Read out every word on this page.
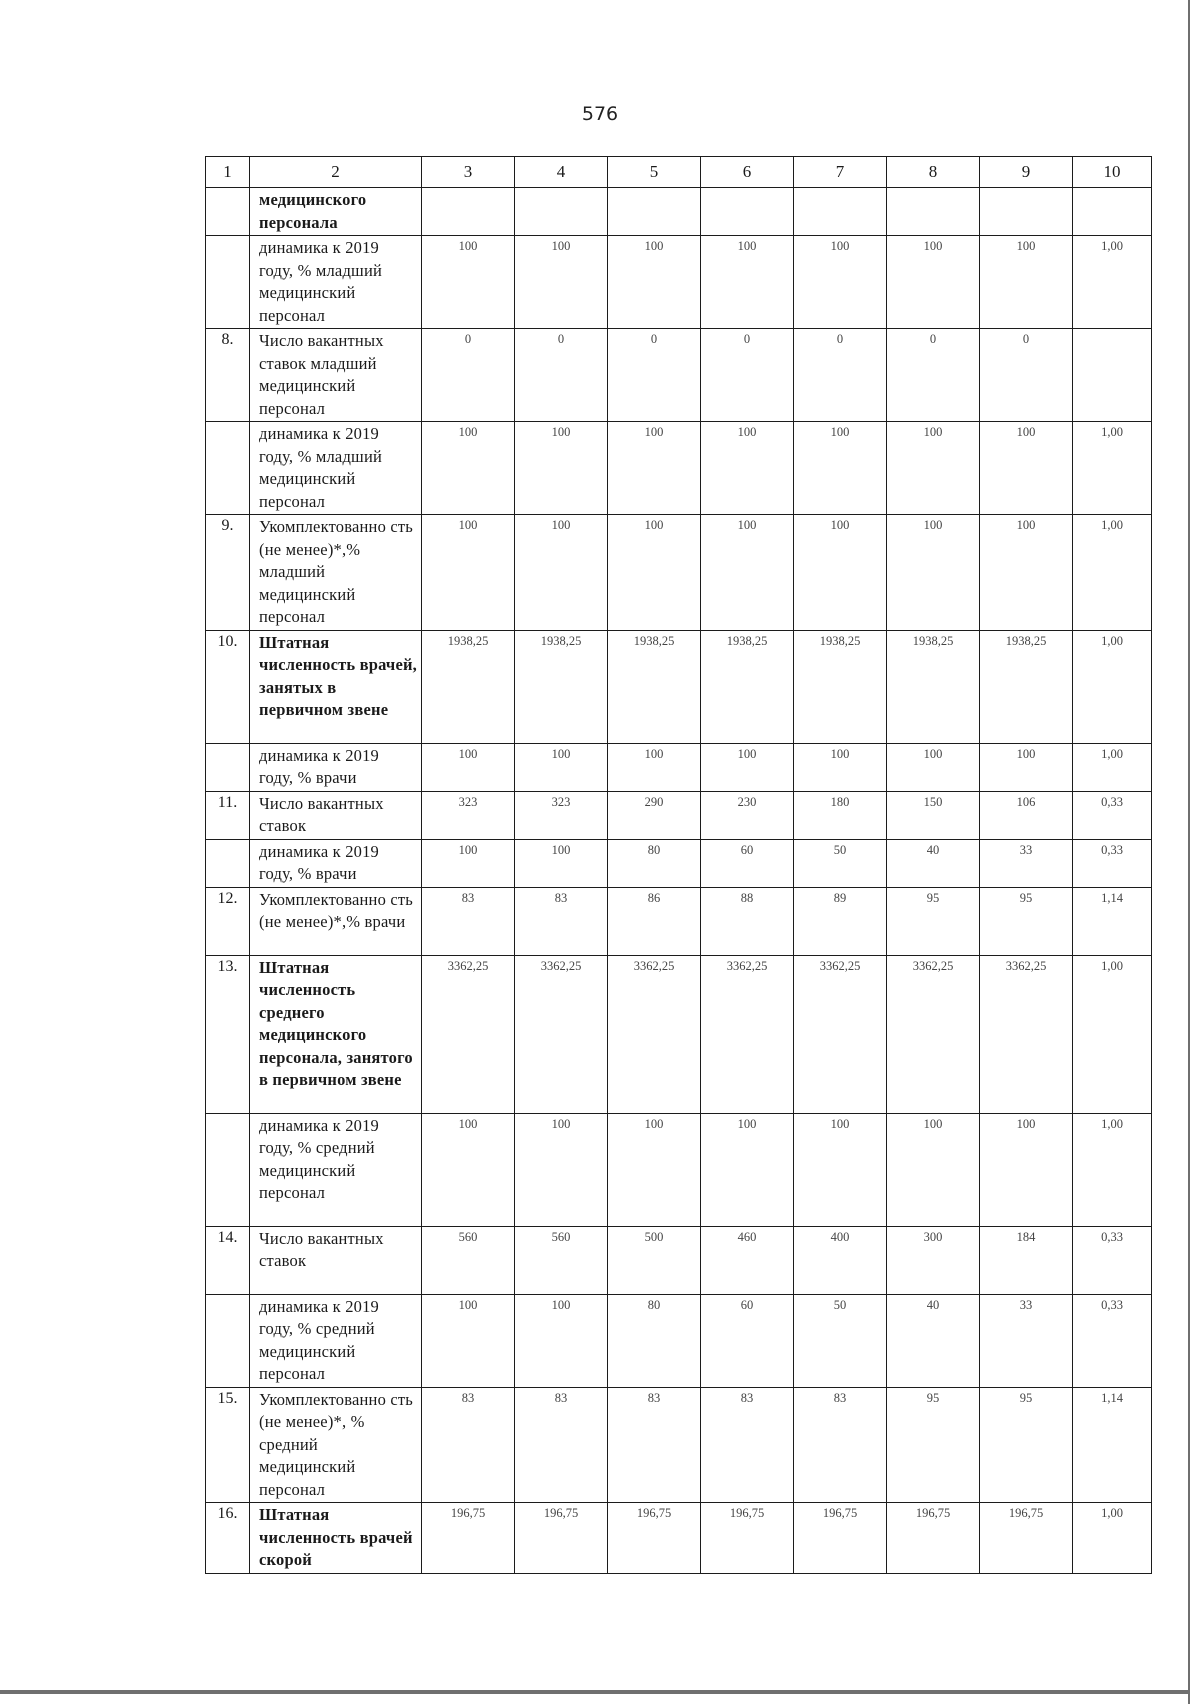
576
1	2	3	4	5	6	7	8	9	10
	медицинского персонала								
	динамика к 2019 году, % младший медицинский персонал	100	100	100	100	100	100	100	1,00
8.	Число вакантных ставок младший медицинский персонал	0	0	0	0	0	0	0	
	динамика к 2019 году, % младший медицинский персонал	100	100	100	100	100	100	100	1,00
9.	Укомплектованно сть (не менее)*,% младший медицинский персонал	100	100	100	100	100	100	100	1,00
10.	Штатная численность врачей, занятых в первичном звене	1938,25	1938,25	1938,25	1938,25	1938,25	1938,25	1938,25	1,00
	динамика к 2019 году, % врачи	100	100	100	100	100	100	100	1,00
11.	Число вакантных ставок	323	323	290	230	180	150	106	0,33
	динамика к 2019 году, % врачи	100	100	80	60	50	40	33	0,33
12.	Укомплектованно сть (не менее)*,% врачи	83	83	86	88	89	95	95	1,14
13.	Штатная численность среднего медицинского персонала, занятого в первичном звене	3362,25	3362,25	3362,25	3362,25	3362,25	3362,25	3362,25	1,00
	динамика к 2019 году, % средний медицинский персонал	100	100	100	100	100	100	100	1,00
14.	Число вакантных ставок	560	560	500	460	400	300	184	0,33
	динамика к 2019 году, % средний медицинский персонал	100	100	80	60	50	40	33	0,33
15.	Укомплектованно сть (не менее)*, % средний медицинский персонал	83	83	83	83	83	95	95	1,14
16.	Штатная численность врачей скорой	196,75	196,75	196,75	196,75	196,75	196,75	196,75	1,00
